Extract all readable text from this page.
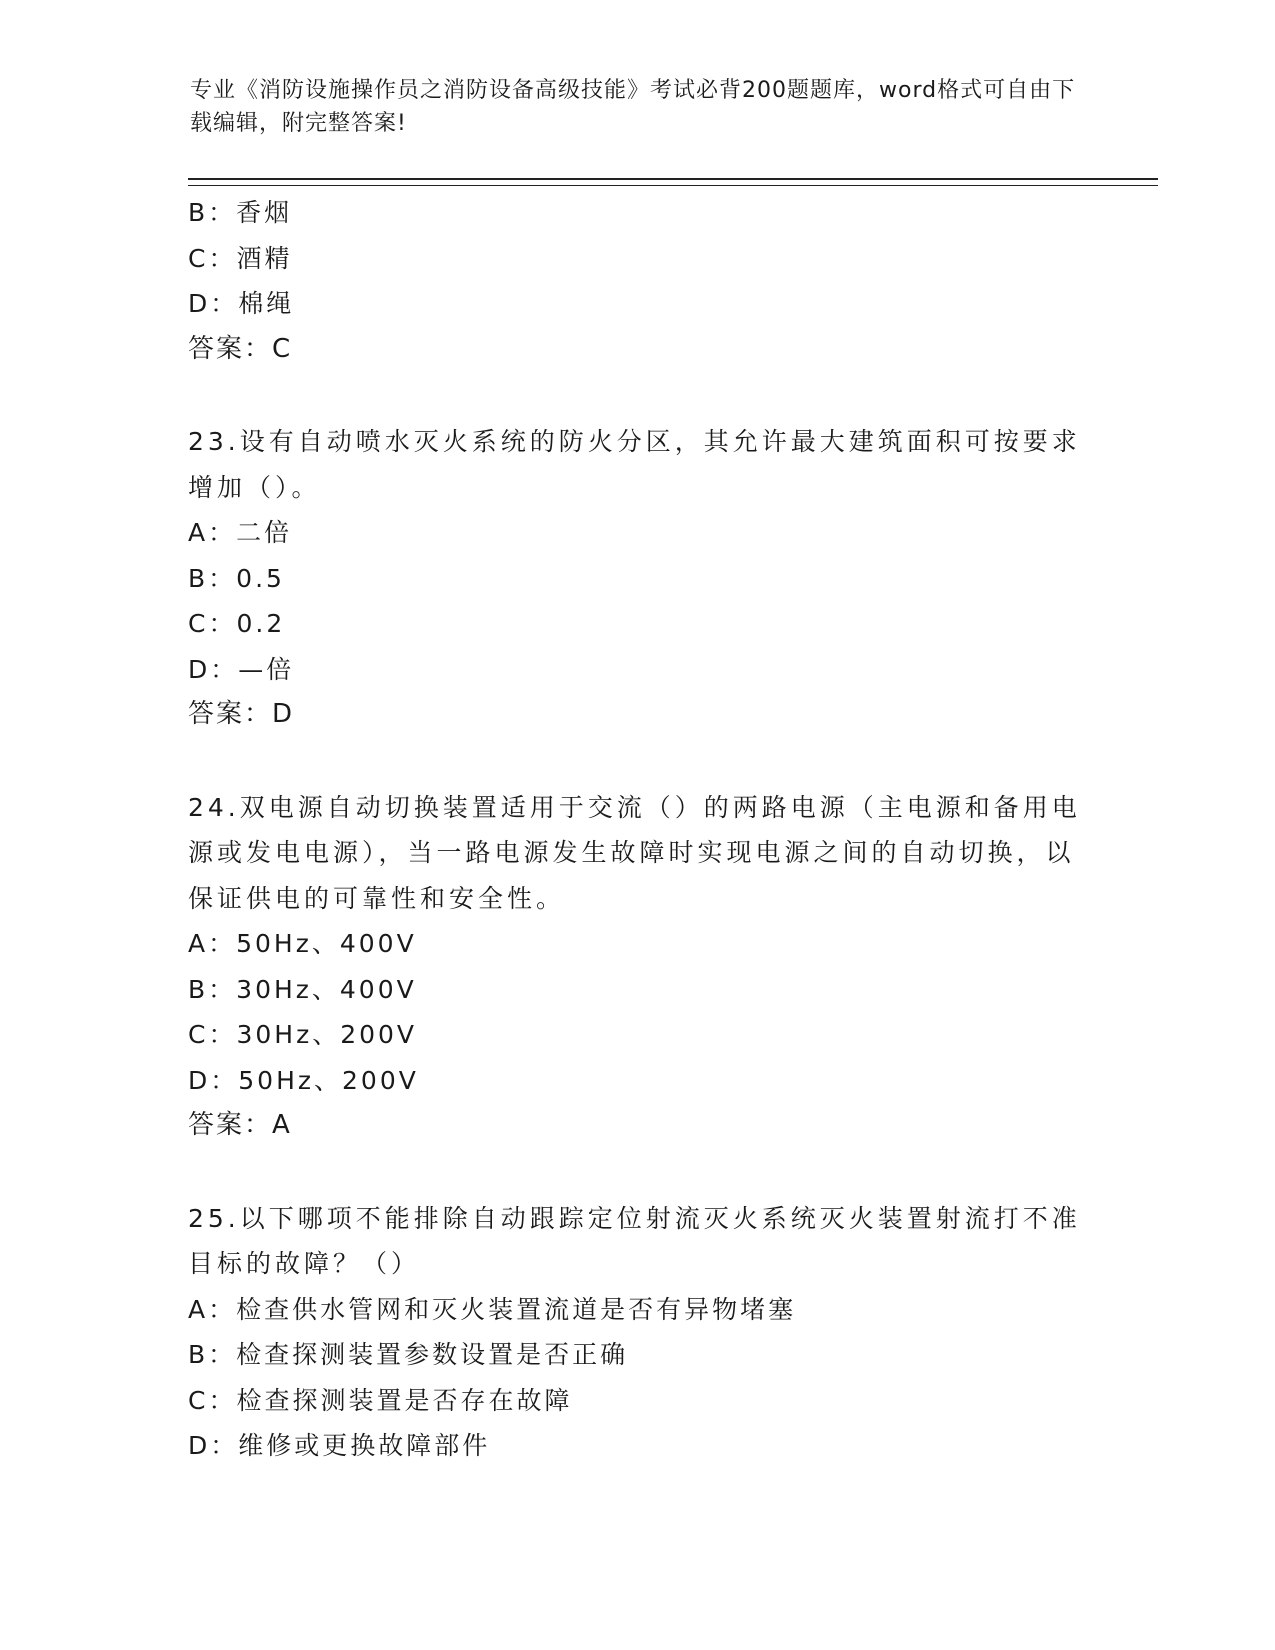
专业《消防设施操作员之消防设备高级技能》考试必背200题题库，word格式可自由下载编辑，附完整答案!
B：香烟
C：酒精
D：棉绳
答案：C
23.设有自动喷水灭火系统的防火分区，其允许最大建筑面积可按要求增加（）。
A：二倍
B：0.5
C：0.2
D：—倍
答案：D
24.双电源自动切换装置适用于交流（）的两路电源（主电源和备用电源或发电电源），当一路电源发生故障时实现电源之间的自动切换，以保证供电的可靠性和安全性。
A：50Hz、400V
B：30Hz、400V
C：30Hz、200V
D：50Hz、200V
答案：A
25.以下哪项不能排除自动跟踪定位射流灭火系统灭火装置射流打不准目标的故障？（）
A：检查供水管网和灭火装置流道是否有异物堵塞
B：检查探测装置参数设置是否正确
C：检查探测装置是否存在故障
D：维修或更换故障部件
